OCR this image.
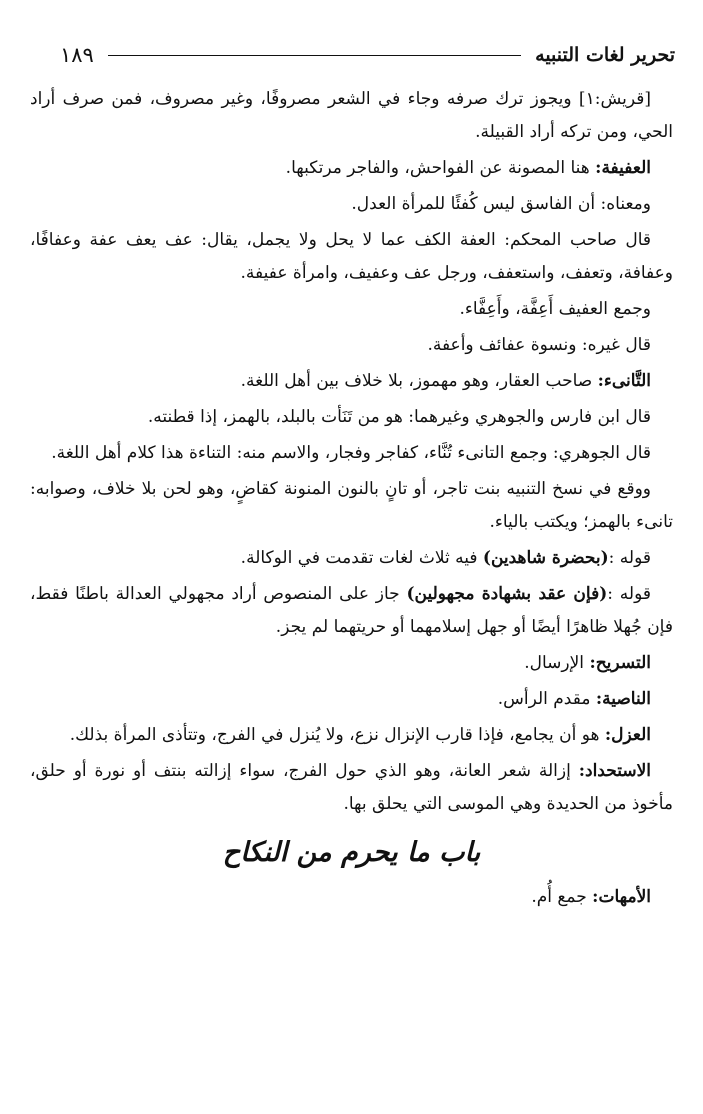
تحرير لغات التنبيه
١٨٩

[قريش:١] ويجوز ترك صرفه وجاء في الشعر مصروفًا، وغير مصروف، فمن صرف أراد الحي، ومن تركه أراد القبيلة.

العفيفة: هنا المصونة عن الفواحش، والفاجر مرتكبها.

ومعناه: أن الفاسق ليس كُفئًا للمرأة العدل.

قال صاحب المحكم: العفة الكف عما لا يحل ولا يجمل، يقال: عف يعف عفة وعفافًا، وعفافة، وتعفف، واستعفف، ورجل عف وعفيف، وامرأة عفيفة.

وجمع العفيف أَعِفَّة، وأَعِفَّاء.

قال غيره: ونسوة عفائف وأعفة.

التَّانىء: صاحب العقار، وهو مهموز، بلا خلاف بين أهل اللغة.

قال ابن فارس والجوهري وغيرهما: هو من تَنَأت بالبلد، بالهمز، إذا قطنته.

قال الجوهري: وجمع التانىء تُنَّاء، كفاجر وفجار، والاسم منه: التناءة هذا كلام أهل اللغة.

ووقع في نسخ التنبيه بنت تاجر، أو تانٍ بالنون المنونة كقاضٍ، وهو لحن بلا خلاف، وصوابه: تانىء بالهمز؛ ويكتب بالياء.

قوله :(بحضرة شاهدين) فيه ثلاث لغات تقدمت في الوكالة.

قوله :(فإن عقد بشهادة مجهولين) جاز على المنصوص أراد مجهولي العدالة باطنًا فقط، فإن جُهلا ظاهرًا أيضًا أو جهل إسلامهما أو حريتهما لم يجز.

التسريح: الإرسال.

الناصية: مقدم الرأس.

العزل: هو أن يجامع، فإذا قارب الإنزال نزع، ولا يُنزل في الفرج، وتتأذى المرأة بذلك.

الاستحداد: إزالة شعر العانة، وهو الذي حول الفرج، سواء إزالته بنتف أو نورة أو حلق، مأخوذ من الحديدة وهي الموسى التي يحلق بها.

باب ما يحرم من النكاح

الأمهات: جمع أُم.
